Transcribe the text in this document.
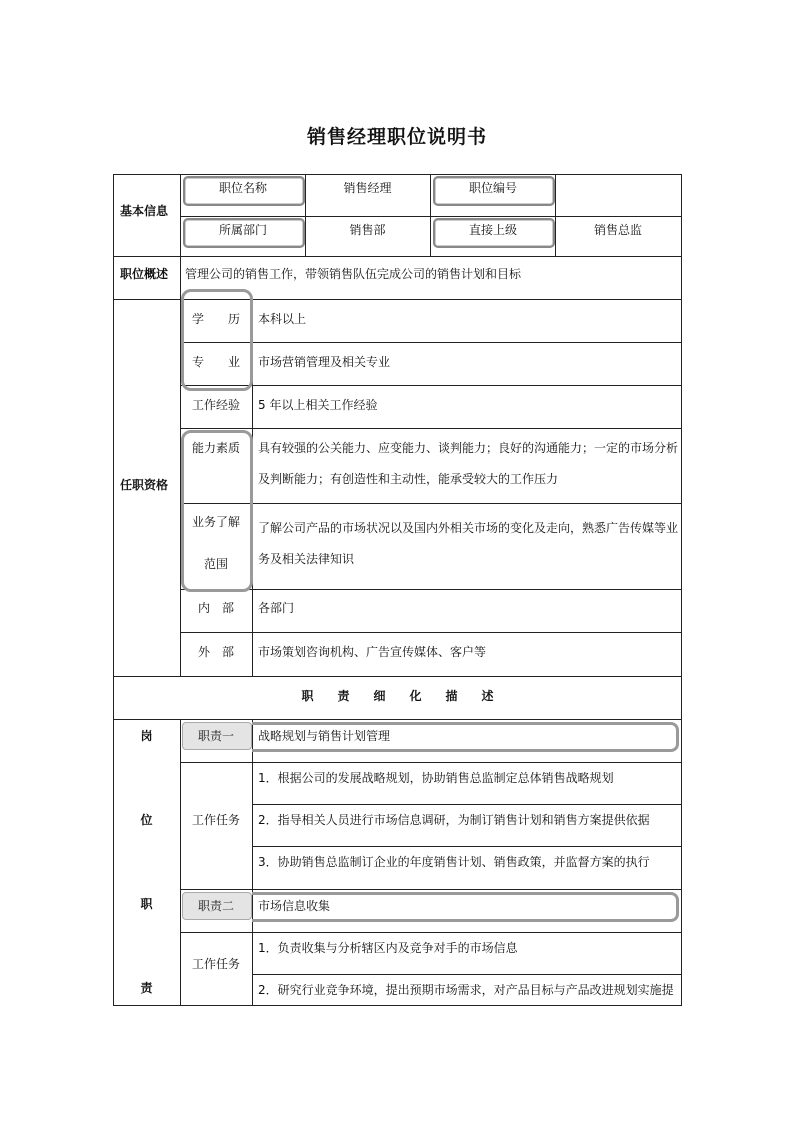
销售经理职位说明书
基本信息
职位名称	销售经理	职位编号
所属部门	销售部	直接上级	销售总监
职位概述 管理公司的销售工作，带领销售队伍完成公司的销售计划和目标
任职资格
学　　历	本科以上
专　　业	市场营销管理及相关专业
工作经验	5 年以上相关工作经验
能力素质	具有较强的公关能力、应变能力、谈判能力；良好的沟通能力；一定的市场分析
及判断能力；有创造性和主动性，能承受较大的工作压力
业务了解
范围
了解公司产品的市场状况以及国内外相关市场的变化及走向，熟悉广告传媒等业
务及相关法律知识
内　部	各部门
外　部	市场策划咨询机构、广告宣传媒体、客户等
职　　责　　细　　化　　描　　述
岗
位
职
责
职责一	战略规划与销售计划管理
工作任务
1．根据公司的发展战略规划，协助销售总监制定总体销售战略规划
2．指导相关人员进行市场信息调研，为制订销售计划和销售方案提供依据
3．协助销售总监制订企业的年度销售计划、销售政策，并监督方案的执行
职责二	市场信息收集
工作任务
1．负责收集与分析辖区内及竞争对手的市场信息
2．研究行业竞争环境，提出预期市场需求，对产品目标与产品改进规划实施提
